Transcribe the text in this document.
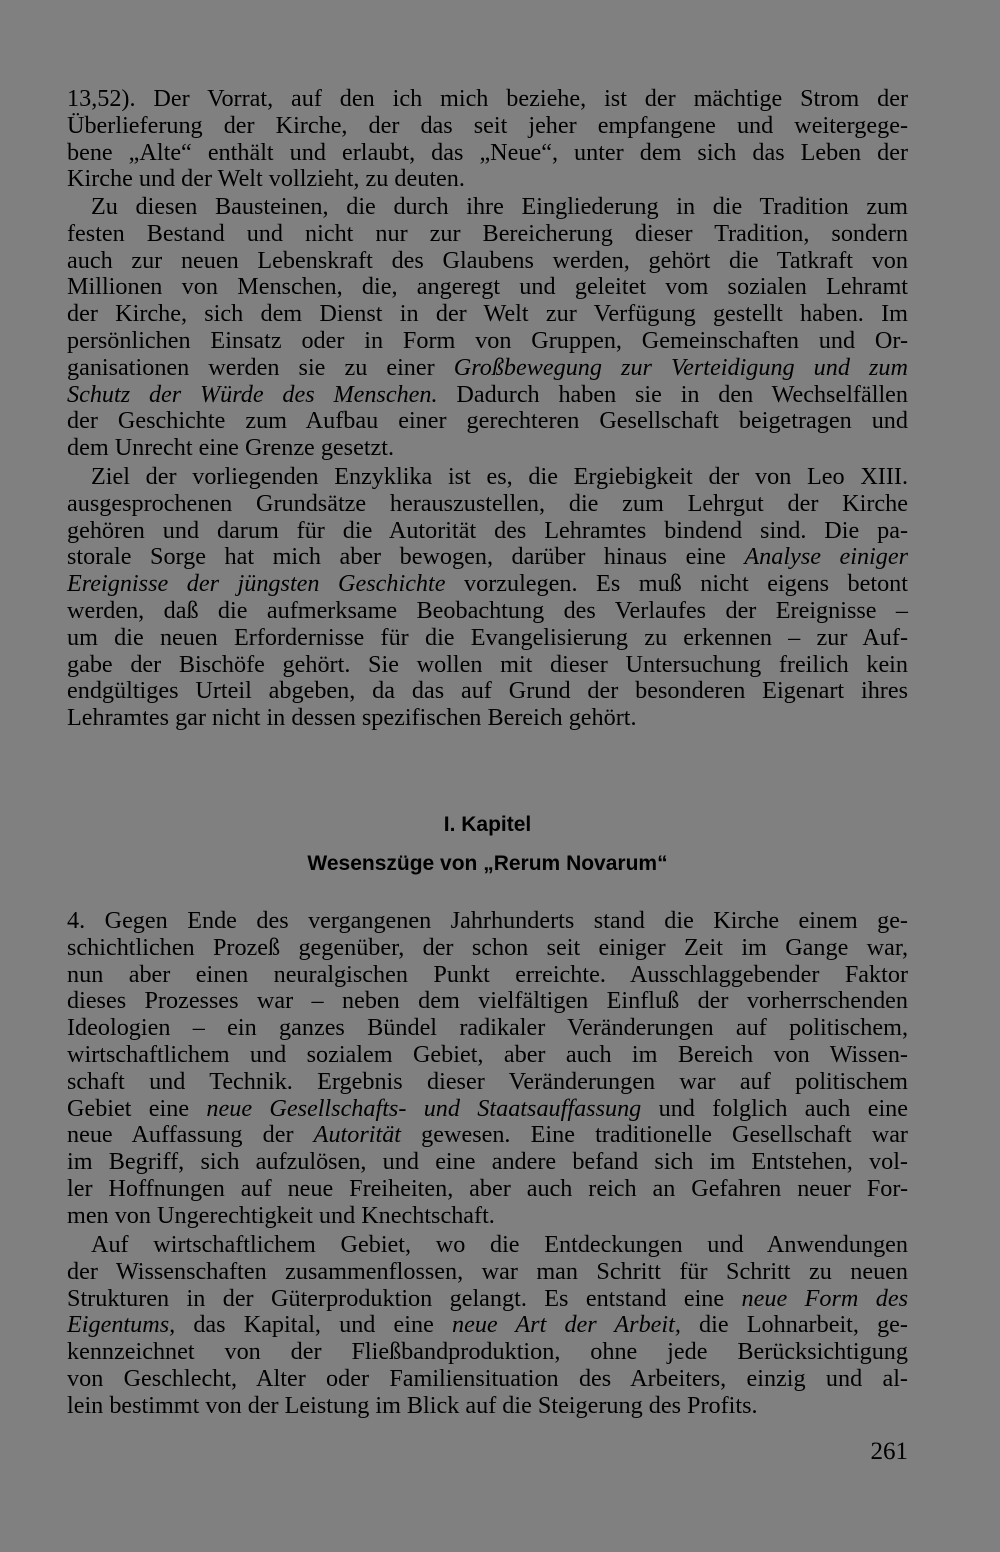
13,52). Der Vorrat, auf den ich mich beziehe, ist der mächtige Strom der
Überlieferung der Kirche, der das seit jeher empfangene und weitergege-
bene „Alte“ enthält und erlaubt, das „Neue“, unter dem sich das Leben der
Kirche und der Welt vollzieht, zu deuten.
Zu diesen Bausteinen, die durch ihre Eingliederung in die Tradition zum
festen Bestand und nicht nur zur Bereicherung dieser Tradition, sondern
auch zur neuen Lebenskraft des Glaubens werden, gehört die Tatkraft von
Millionen von Menschen, die, angeregt und geleitet vom sozialen Lehramt
der Kirche, sich dem Dienst in der Welt zur Verfügung gestellt haben. Im
persönlichen Einsatz oder in Form von Gruppen, Gemeinschaften und Or-
ganisationen werden sie zu einer Großbewegung zur Verteidigung und zum
Schutz der Würde des Menschen. Dadurch haben sie in den Wechselfällen
der Geschichte zum Aufbau einer gerechteren Gesellschaft beigetragen und
dem Unrecht eine Grenze gesetzt.
Ziel der vorliegenden Enzyklika ist es, die Ergiebigkeit der von Leo XIII.
ausgesprochenen Grundsätze herauszustellen, die zum Lehrgut der Kirche
gehören und darum für die Autorität des Lehramtes bindend sind. Die pa-
storale Sorge hat mich aber bewogen, darüber hinaus eine Analyse einiger
Ereignisse der jüngsten Geschichte vorzulegen. Es muß nicht eigens betont
werden, daß die aufmerksame Beobachtung des Verlaufes der Ereignisse –
um die neuen Erfordernisse für die Evangelisierung zu erkennen – zur Auf-
gabe der Bischöfe gehört. Sie wollen mit dieser Untersuchung freilich kein
endgültiges Urteil abgeben, da das auf Grund der besonderen Eigenart ihres
Lehramtes gar nicht in dessen spezifischen Bereich gehört.
I. Kapitel
Wesenszüge von „Rerum Novarum“
4. Gegen Ende des vergangenen Jahrhunderts stand die Kirche einem ge-
schichtlichen Prozeß gegenüber, der schon seit einiger Zeit im Gange war,
nun aber einen neuralgischen Punkt erreichte. Ausschlaggebender Faktor
dieses Prozesses war – neben dem vielfältigen Einfluß der vorherrschenden
Ideologien – ein ganzes Bündel radikaler Veränderungen auf politischem,
wirtschaftlichem und sozialem Gebiet, aber auch im Bereich von Wissen-
schaft und Technik. Ergebnis dieser Veränderungen war auf politischem
Gebiet eine neue Gesellschafts- und Staatsauffassung und folglich auch eine
neue Auffassung der Autorität gewesen. Eine traditionelle Gesellschaft war
im Begriff, sich aufzulösen, und eine andere befand sich im Entstehen, vol-
ler Hoffnungen auf neue Freiheiten, aber auch reich an Gefahren neuer For-
men von Ungerechtigkeit und Knechtschaft.
Auf wirtschaftlichem Gebiet, wo die Entdeckungen und Anwendungen
der Wissenschaften zusammenflossen, war man Schritt für Schritt zu neuen
Strukturen in der Güterproduktion gelangt. Es entstand eine neue Form des
Eigentums, das Kapital, und eine neue Art der Arbeit, die Lohnarbeit, ge-
kennzeichnet von der Fließbandproduktion, ohne jede Berücksichtigung
von Geschlecht, Alter oder Familiensituation des Arbeiters, einzig und al-
lein bestimmt von der Leistung im Blick auf die Steigerung des Profits.
261
